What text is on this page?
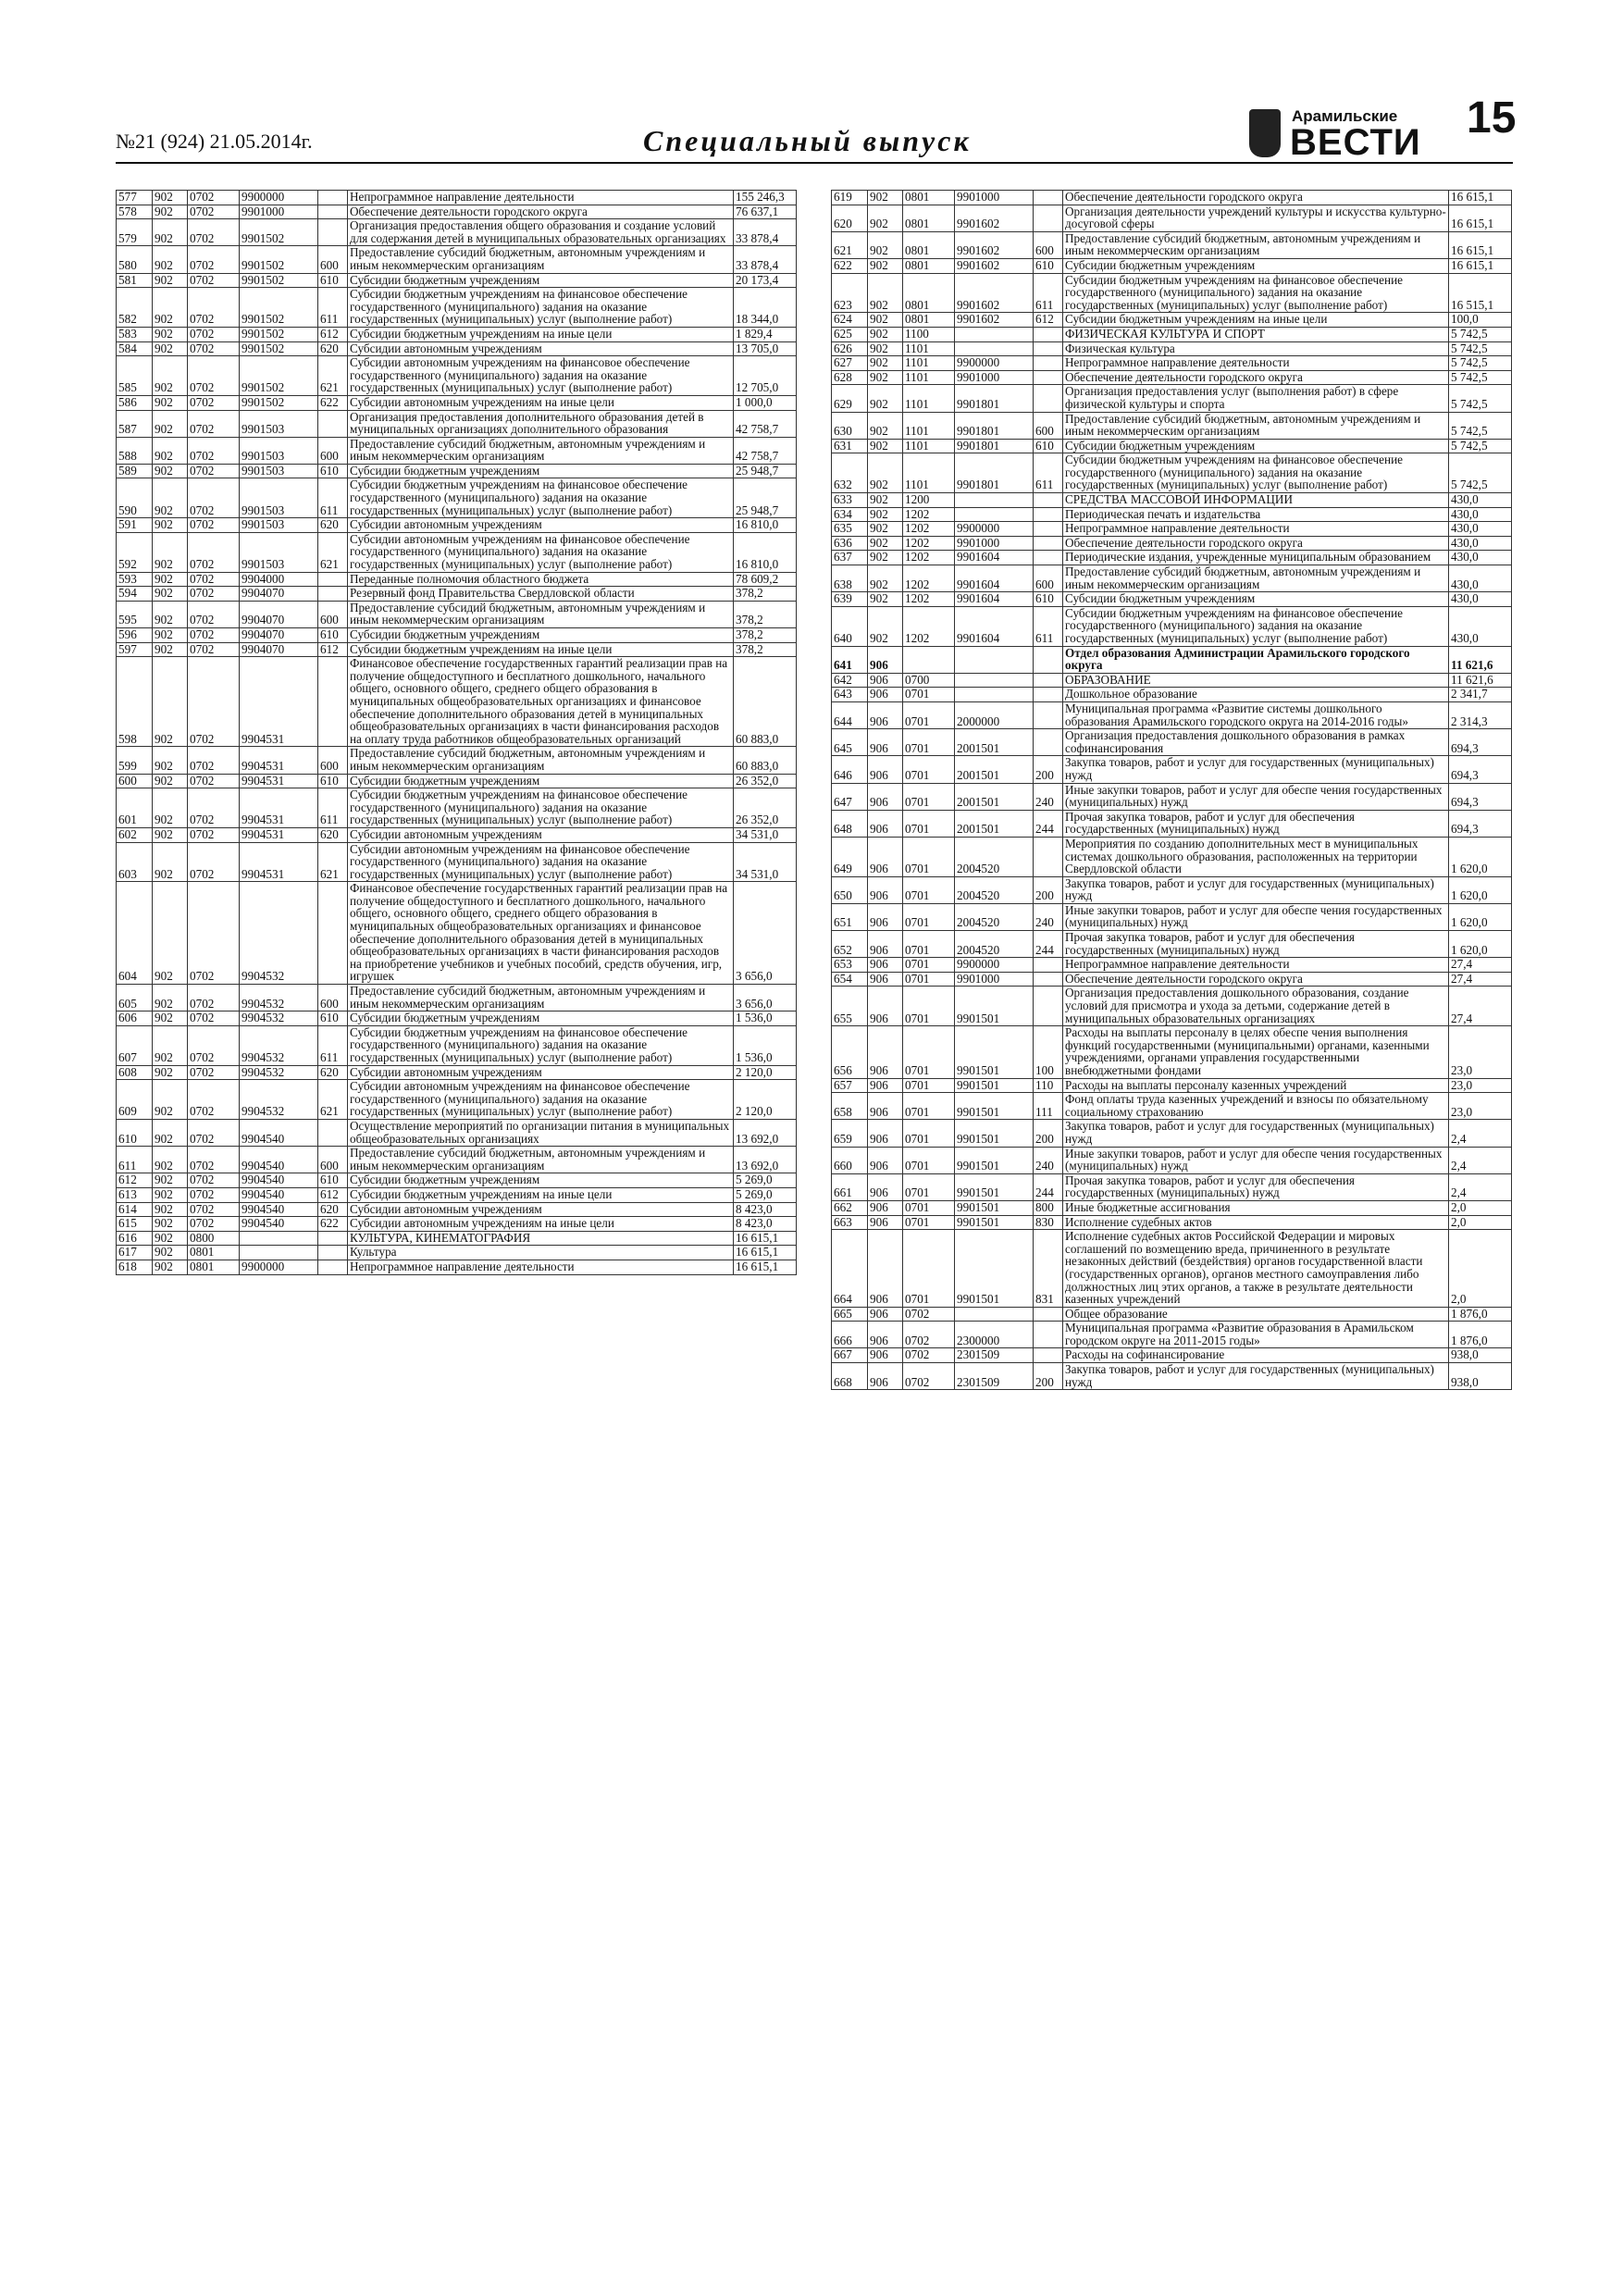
№21 (924) 21.05.2014г.	Специальный выпуск
Арамильские
ВЕСТИ 15
577	902	0702	9900000		Непрограммное направление деятельности	155 246,3
578	902	0702	9901000		Обеспечение деятельности городского округа	76 637,1
579	902	0702	9901502		Организация предоставления общего образования и создание условий для содержания детей в муниципальных образовательных организациях	33 878,4
580	902	0702	9901502	600	Предоставление субсидий бюджетным, автономным учреждениям и иным некоммерческим организациям	33 878,4
581	902	0702	9901502	610	Субсидии бюджетным учреждениям	20 173,4
582	902	0702	9901502	611	Субсидии бюджетным учреждениям на финансовое обеспечение государственного (муниципального) задания на оказание государственных (муниципальных) услуг (выполнение работ)	18 344,0
583	902	0702	9901502	612	Субсидии бюджетным учреждениям на иные цели	1 829,4
584	902	0702	9901502	620	Субсидии автономным учреждениям	13 705,0
585	902	0702	9901502	621	Субсидии автономным учреждениям на финансовое обеспечение государственного (муниципального) задания на оказание государственных (муниципальных) услуг (выполнение работ)	12 705,0
586	902	0702	9901502	622	Субсидии автономным учреждениям на иные цели	1 000,0
587	902	0702	9901503		Организация предоставления дополнительного образования детей в муниципальных организациях дополнительного образования	42 758,7
588	902	0702	9901503	600	Предоставление субсидий бюджетным, автономным учреждениям и иным некоммерческим организациям	42 758,7
589	902	0702	9901503	610	Субсидии бюджетным учреждениям	25 948,7
590	902	0702	9901503	611	Субсидии бюджетным учреждениям на финансовое обеспечение государственного (муниципального) задания на оказание государственных (муниципальных) услуг (выполнение работ)	25 948,7
591	902	0702	9901503	620	Субсидии автономным учреждениям	16 810,0
592	902	0702	9901503	621	Субсидии автономным учреждениям на финансовое обеспечение государственного (муниципального) задания на оказание государственных (муниципальных) услуг (выполнение работ)	16 810,0
593	902	0702	9904000		Переданные полномочия областного бюджета	78 609,2
594	902	0702	9904070		Резервный фонд Правительства Свердловской области	378,2
595	902	0702	9904070	600	Предоставление субсидий бюджетным, автономным учреждениям и иным некоммерческим организациям	378,2
596	902	0702	9904070	610	Субсидии бюджетным учреждениям	378,2
597	902	0702	9904070	612	Субсидии бюджетным учреждениям на иные цели	378,2
598	902	0702	9904531		Финансовое обеспечение государственных гарантий реализации прав на получение общедоступного и бесплатного дошкольного, начального общего, основного общего, среднего общего образования в муниципальных общеобразовательных организациях и финансовое обеспечение дополнительного образования детей в муниципальных общеобразовательных организациях в части финансирования расходов на оплату труда работников общеобразовательных организаций	60 883,0
599	902	0702	9904531	600	Предоставление субсидий бюджетным, автономным учреждениям и иным некоммерческим организациям	60 883,0
600	902	0702	9904531	610	Субсидии бюджетным учреждениям	26 352,0
601	902	0702	9904531	611	Субсидии бюджетным учреждениям на финансовое обеспечение государственного (муниципального) задания на оказание государственных (муниципальных) услуг (выполнение работ)	26 352,0
602	902	0702	9904531	620	Субсидии автономным учреждениям	34 531,0
603	902	0702	9904531	621	Субсидии автономным учреждениям на финансовое обеспечение государственного (муниципального) задания на оказание государственных (муниципальных) услуг (выполнение работ)	34 531,0
604	902	0702	9904532		Финансовое обеспечение государственных гарантий реализации прав на получение общедоступного и бесплатного дошкольного, начального общего, основного общего, среднего общего образования в муниципальных общеобразовательных организациях и финансовое обеспечение дополнительного образования детей в муниципальных общеобразовательных организациях в части финансирования расходов на приобретение учебников и учебных пособий, средств обучения, игр, игрушек	3 656,0
605	902	0702	9904532	600	Предоставление субсидий бюджетным, автономным учреждениям и иным некоммерческим организациям	3 656,0
606	902	0702	9904532	610	Субсидии бюджетным учреждениям	1 536,0
607	902	0702	9904532	611	Субсидии бюджетным учреждениям на финансовое обеспечение государственного (муниципального) задания на оказание государственных (муниципальных) услуг (выполнение работ)	1 536,0
608	902	0702	9904532	620	Субсидии автономным учреждениям	2 120,0
609	902	0702	9904532	621	Субсидии автономным учреждениям на финансовое обеспечение государственного (муниципального) задания на оказание государственных (муниципальных) услуг (выполнение работ)	2 120,0
610	902	0702	9904540		Осуществление мероприятий по организации питания в муниципальных общеобразовательных организациях	13 692,0
611	902	0702	9904540	600	Предоставление субсидий бюджетным, автономным учреждениям и иным некоммерческим организациям	13 692,0
612	902	0702	9904540	610	Субсидии бюджетным учреждениям	5 269,0
613	902	0702	9904540	612	Субсидии бюджетным учреждениям на иные цели	5 269,0
614	902	0702	9904540	620	Субсидии автономным учреждениям	8 423,0
615	902	0702	9904540	622	Субсидии автономным учреждениям на иные цели	8 423,0
616	902	0800			КУЛЬТУРА, КИНЕМАТОГРАФИЯ	16 615,1
617	902	0801			Культура	16 615,1
618	902	0801	9900000		Непрограммное направление деятельности	16 615,1
619	902	0801	9901000		Обеспечение деятельности городского округа	16 615,1
620	902	0801	9901602		Организация деятельности учреждений культуры и искусства культурно-досуговой сферы	16 615,1
621	902	0801	9901602	600	Предоставление субсидий бюджетным, автономным учреждениям и иным некоммерческим организациям	16 615,1
622	902	0801	9901602	610	Субсидии бюджетным учреждениям	16 615,1
623	902	0801	9901602	611	Субсидии бюджетным учреждениям на финансовое обеспечение государственного (муниципального) задания на оказание государственных (муниципальных) услуг (выполнение работ)	16 515,1
624	902	0801	9901602	612	Субсидии бюджетным учреждениям на иные цели	100,0
625	902	1100			ФИЗИЧЕСКАЯ КУЛЬТУРА И СПОРТ	5 742,5
626	902	1101			Физическая культура	5 742,5
627	902	1101	9900000		Непрограммное направление деятельности	5 742,5
628	902	1101	9901000		Обеспечение деятельности городского округа	5 742,5
629	902	1101	9901801		Организация предоставления услуг (выполнения работ) в сфере физической культуры и спорта	5 742,5
630	902	1101	9901801	600	Предоставление субсидий бюджетным, автономным учреждениям и иным некоммерческим организациям	5 742,5
631	902	1101	9901801	610	Субсидии бюджетным учреждениям	5 742,5
632	902	1101	9901801	611	Субсидии бюджетным учреждениям на финансовое обеспечение государственного (муниципального) задания на оказание государственных (муниципальных) услуг (выполнение работ)	5 742,5
633	902	1200			СРЕДСТВА МАССОВОЙ ИНФОРМАЦИИ	430,0
634	902	1202			Периодическая печать и издательства	430,0
635	902	1202	9900000		Непрограммное направление деятельности	430,0
636	902	1202	9901000		Обеспечение деятельности городского округа	430,0
637	902	1202	9901604		Периодические издания, учрежденные муниципальным образованием	430,0
638	902	1202	9901604	600	Предоставление субсидий бюджетным, автономным учреждениям и иным некоммерческим организациям	430,0
639	902	1202	9901604	610	Субсидии бюджетным учреждениям	430,0
640	902	1202	9901604	611	Субсидии бюджетным учреждениям на финансовое обеспечение государственного (муниципального) задания на оказание государственных (муниципальных) услуг (выполнение работ)	430,0
641	906				Отдел образования Администрации Арамильского городского округа	11 621,6
642	906	0700			ОБРАЗОВАНИЕ	11 621,6
643	906	0701			Дошкольное образование	2 341,7
644	906	0701	2000000		Муниципальная программа «Развитие системы дошкольного образования Арамильского городского округа на 2014-2016 годы»	2 314,3
645	906	0701	2001501		Организация предоставления дошкольного образования в рамках софинансирования	694,3
646	906	0701	2001501	200	Закупка товаров, работ и услуг для государственных (муниципальных) нужд	694,3
647	906	0701	2001501	240	Иные закупки товаров, работ и услуг для обеспе чения государственных (муниципальных) нужд	694,3
648	906	0701	2001501	244	Прочая закупка товаров, работ и услуг для обеспечения государственных (муниципальных) нужд	694,3
649	906	0701	2004520		Мероприятия по созданию дополнительных мест в муниципальных системах дошкольного образования, расположенных на территории Свердловской области	1 620,0
650	906	0701	2004520	200	Закупка товаров, работ и услуг для государственных (муниципальных) нужд	1 620,0
651	906	0701	2004520	240	Иные закупки товаров, работ и услуг для обеспе чения государственных (муниципальных) нужд	1 620,0
652	906	0701	2004520	244	Прочая закупка товаров, работ и услуг для обеспечения государственных (муниципальных) нужд	1 620,0
653	906	0701	9900000		Непрограммное направление деятельности	27,4
654	906	0701	9901000		Обеспечение деятельности городского округа	27,4
655	906	0701	9901501		Организация предоставления дошкольного образования, создание условий для присмотра и ухода за детьми, содержание детей в муниципальных образовательных организациях	27,4
656	906	0701	9901501	100	Расходы на выплаты персоналу в целях обеспе чения выполнения функций государственными (муниципальными) органами, казенными учреждениями, органами управления государственными внебюджетными фондами	23,0
657	906	0701	9901501	110	Расходы на выплаты персоналу казенных учреждений	23,0
658	906	0701	9901501	111	Фонд оплаты труда казенных учреждений и взносы по обязательному социальному страхованию	23,0
659	906	0701	9901501	200	Закупка товаров, работ и услуг для государственных (муниципальных) нужд	2,4
660	906	0701	9901501	240	Иные закупки товаров, работ и услуг для обеспе чения государственных (муниципальных) нужд	2,4
661	906	0701	9901501	244	Прочая закупка товаров, работ и услуг для обеспечения государственных (муниципальных) нужд	2,4
662	906	0701	9901501	800	Иные бюджетные ассигнования	2,0
663	906	0701	9901501	830	Исполнение судебных актов	2,0
664	906	0701	9901501	831	Исполнение судебных актов Российской Федерации и мировых соглашений по возмещению вреда, причиненного в результате незаконных действий (бездействия) органов государственной власти (государственных органов), органов местного самоуправления либо должностных лиц этих органов, а также в результате деятельности казенных учреждений	2,0
665	906	0702			Общее образование	1 876,0
666	906	0702	2300000		Муниципальная программа «Развитие образования в Арамильском городском округе на 2011-2015 годы»	1 876,0
667	906	0702	2301509		Расходы на софинансирование	938,0
668	906	0702	2301509	200	Закупка товаров, работ и услуг для государственных (муниципальных) нужд	938,0
